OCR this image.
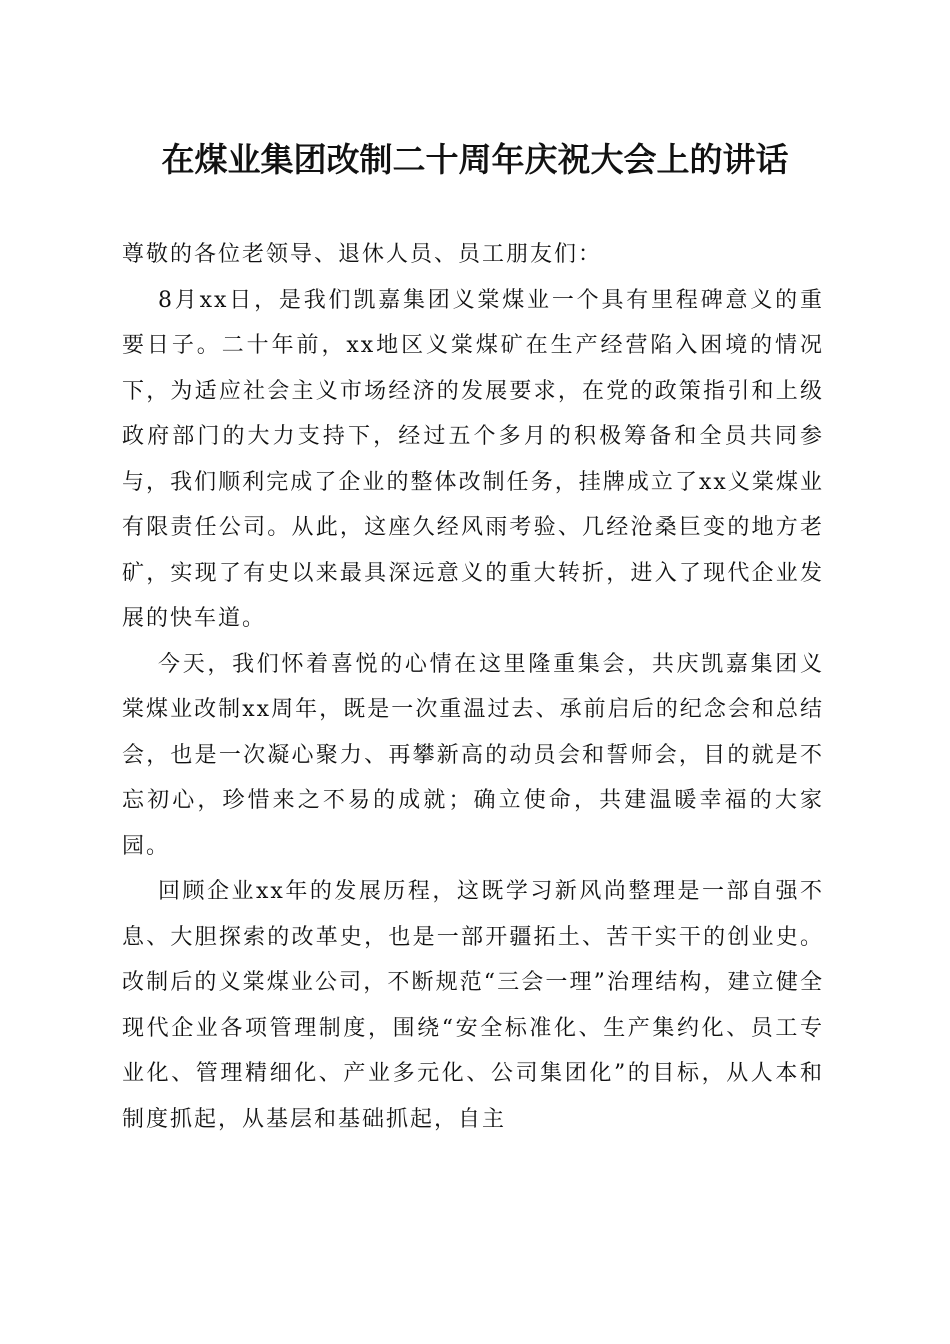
在煤业集团改制二十周年庆祝大会上的讲话

尊敬的各位老领导、退休人员、员工朋友们：

8月xx日，是我们凯嘉集团义棠煤业一个具有里程碑意义的重要日子。二十年前，xx地区义棠煤矿在生产经营陷入困境的情况下，为适应社会主义市场经济的发展要求，在党的政策指引和上级政府部门的大力支持下，经过五个多月的积极筹备和全员共同参与，我们顺利完成了企业的整体改制任务，挂牌成立了xx义棠煤业有限责任公司。从此，这座久经风雨考验、几经沧桑巨变的地方老矿，实现了有史以来最具深远意义的重大转折，进入了现代企业发展的快车道。

今天，我们怀着喜悦的心情在这里隆重集会，共庆凯嘉集团义棠煤业改制xx周年，既是一次重温过去、承前启后的纪念会和总结会，也是一次凝心聚力、再攀新高的动员会和誓师会，目的就是不忘初心，珍惜来之不易的成就；确立使命，共建温暖幸福的大家园。

回顾企业xx年的发展历程，这既学习新风尚整理是一部自强不息、大胆探索的改革史，也是一部开疆拓土、苦干实干的创业史。改制后的义棠煤业公司，不断规范“三会一理”治理结构，建立健全现代企业各项管理制度，围绕“安全标准化、生产集约化、员工专业化、管理精细化、产业多元化、公司集团化”的目标，从人本和制度抓起，从基层和基础抓起，自主
